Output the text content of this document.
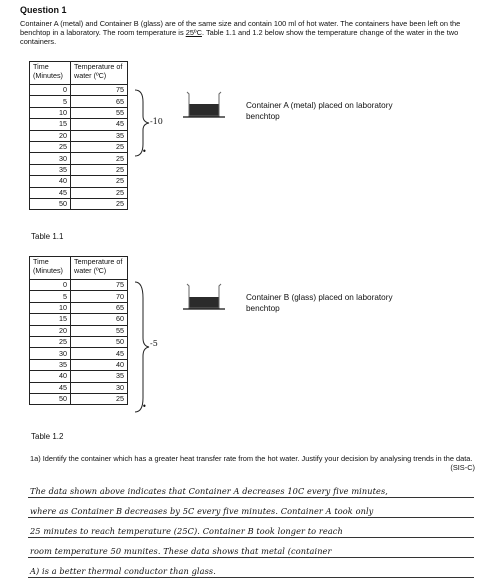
Question 1
Container A (metal) and Container B (glass) are of the same size and contain 100 ml of hot water. The containers have been left on the benchtop in a laboratory. The room temperature is 25ºC. Table 1.1 and 1.2 below show the temperature change of the water in the two containers.
Time (Minutes)	Temperature of water (ºC)
0	75
5	65
10	55
15	45
20	35
25	25
30	25
35	25
40	25
45	25
50	25
-10
•
Container A (metal) placed on laboratory benchtop
Table 1.1
Time (Minutes)	Temperature of water (ºC)
0	75
5	70
10	65
15	60
20	55
25	50
30	45
35	40
40	35
45	30
50	25
-5
•
Container B (glass) placed on laboratory benchtop
Table 1.2
1a) Identify the container which has a greater heat transfer rate from the hot water. Justify your decision by analysing trends in the data.
(SIS-C)
The data shown above indicates that Container A decreases 10C every five minutes,
where as Container B decreases by 5C every five minutes. Container A took only
25 minutes to reach temperature (25C). Container B took longer to reach
room temperature 50 munites. These data shows that metal (container
A) is a better thermal conductor than glass.
